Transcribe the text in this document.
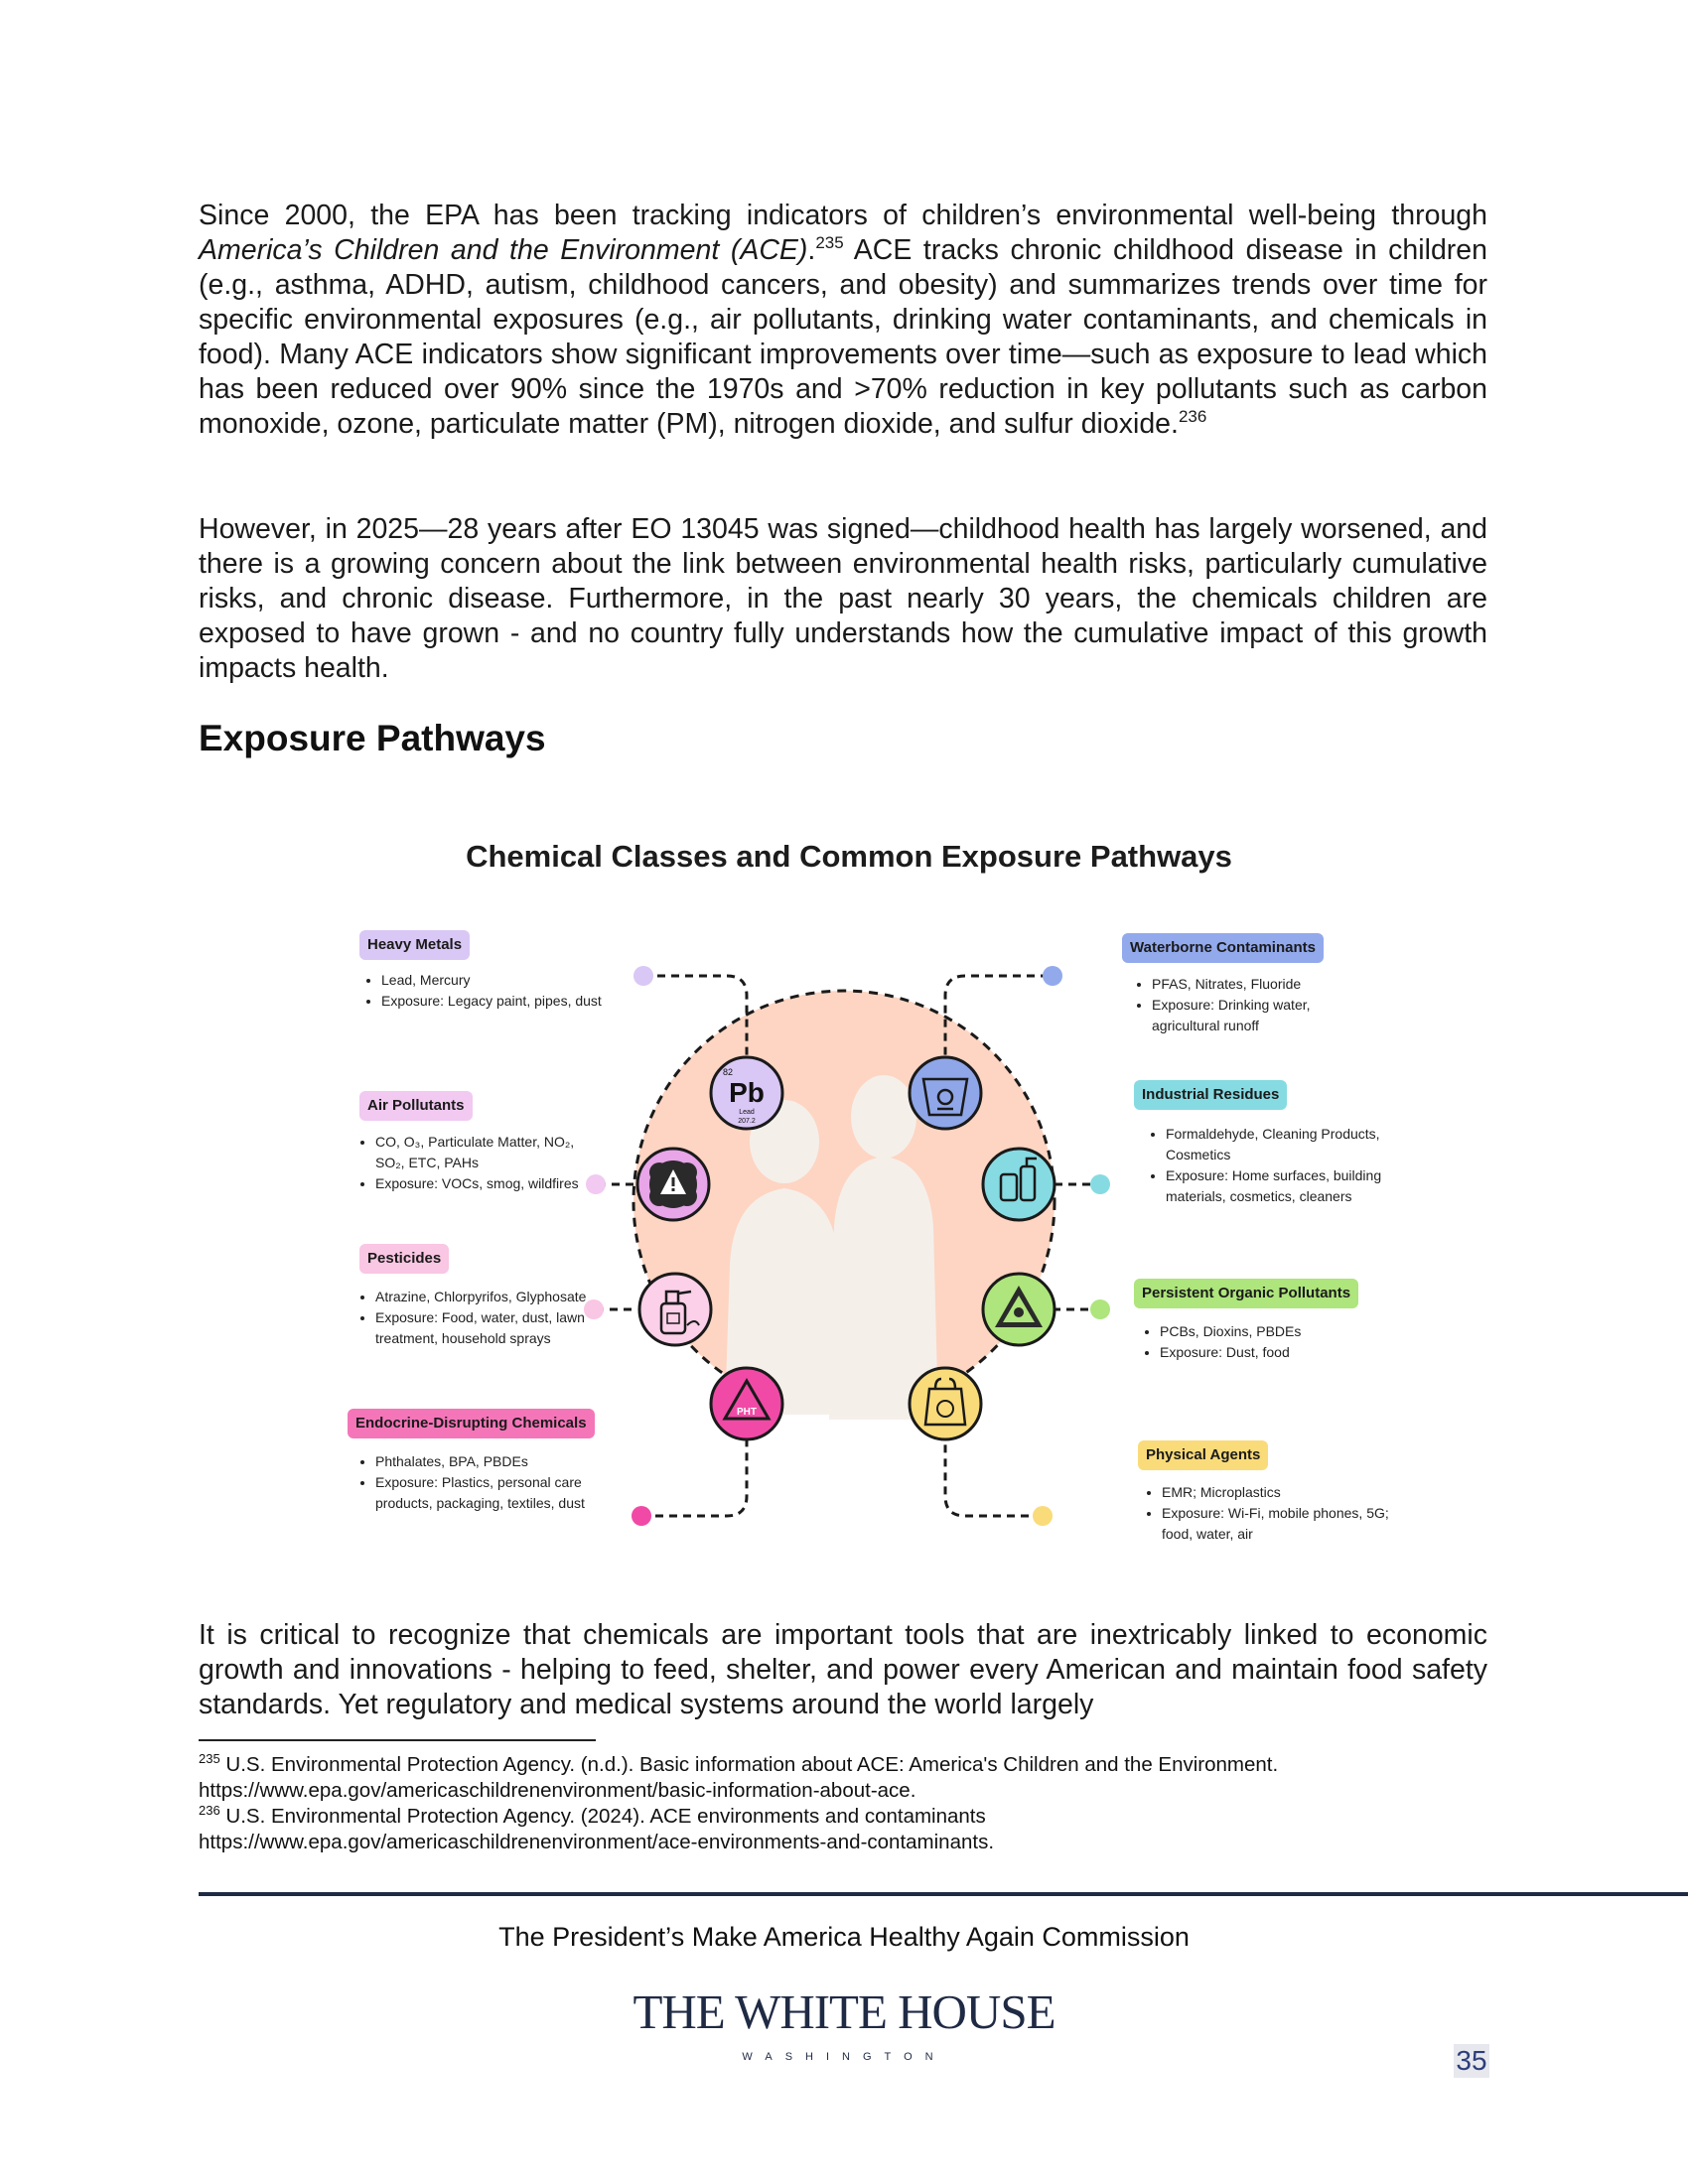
Since 2000, the EPA has been tracking indicators of children’s environmental well-being through America’s Children and the Environment (ACE).$^{235}$ ACE tracks chronic childhood disease in children (e.g., asthma, ADHD, autism, childhood cancers, and obesity) and summarizes trends over time for specific environmental exposures (e.g., air pollutants, drinking water contaminants, and chemicals in food). Many ACE indicators show significant improvements over time—such as exposure to lead which has been reduced over 90% since the 1970s and >70% reduction in key pollutants such as carbon monoxide, ozone, particulate matter (PM), nitrogen dioxide, and sulfur dioxide.$^{236}$

However, in 2025—28 years after EO 13045 was signed—childhood health has largely worsened, and there is a growing concern about the link between environmental health risks, particularly cumulative risks, and chronic disease. Furthermore, in the past nearly 30 years, the chemicals children are exposed to have grown - and no country fully understands how the cumulative impact of this growth impacts health.

Exposure Pathways
Pb
82
Lead
207.2
PHT
Chemical Classes and Common Exposure Pathways
Heavy Metals
• Lead, Mercury
• Exposure: Legacy paint, pipes, dust
Air Pollutants
• CO, O₃, Particulate Matter, NO₂, SO₂, ETC, PAHs
• Exposure: VOCs, smog, wildfires
Pesticides
• Atrazine, Chlorpyrifos, Glyphosate
• Exposure: Food, water, dust, lawn treatment, household sprays
Endocrine-Disrupting Chemicals
• Phthalates, BPA, PBDEs
• Exposure: Plastics, personal care products, packaging, textiles, dust
Waterborne Contaminants
• PFAS, Nitrates, Fluoride
• Exposure: Drinking water, agricultural runoff
Industrial Residues
• Formaldehyde, Cleaning Products, Cosmetics
• Exposure: Home surfaces, building materials, cosmetics, cleaners
Persistent Organic Pollutants
• PCBs, Dioxins, PBDEs
• Exposure: Dust, food
Physical Agents
• EMR; Microplastics
• Exposure: Wi-Fi, mobile phones, 5G; food, water, air

It is critical to recognize that chemicals are important tools that are inextricably linked to economic growth and innovations - helping to feed, shelter, and power every American and maintain food safety standards. Yet regulatory and medical systems around the world largely

$^{235}$ U.S. Environmental Protection Agency. (n.d.). Basic information about ACE: America's Children and the Environment.
https://www.epa.gov/americaschildrenenvironment/basic-information-about-ace.

$^{236}$ U.S. Environmental Protection Agency. (2024). ACE environments and contaminants
https://www.epa.gov/americaschildrenenvironment/ace-environments-and-contaminants.

The President’s Make America Healthy Again Commission
THE WHITE HOUSE
WASHINGTON	35
